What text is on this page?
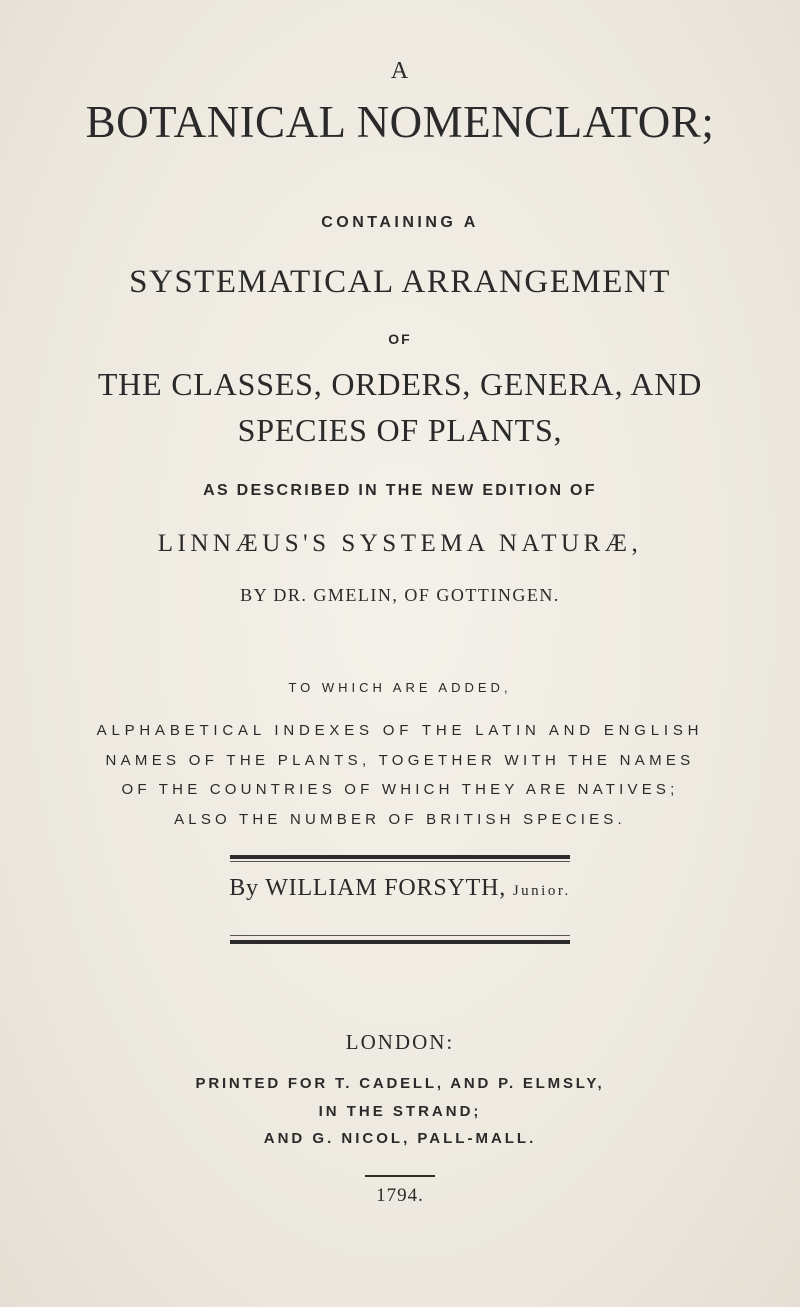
A

BOTANICAL NOMENCLATOR;

CONTAINING A

SYSTEMATICAL ARRANGEMENT

OF

THE CLASSES, ORDERS, GENERA, AND

SPECIES OF PLANTS,

AS DESCRIBED IN THE NEW EDITION OF

LINNÆUS'S SYSTEMA NATURÆ,

BY DR. GMELIN, OF GOTTINGEN.

TO WHICH ARE ADDED,

ALPHABETICAL INDEXES OF THE LATIN AND ENGLISH

NAMES OF THE PLANTS, TOGETHER WITH THE NAMES

OF THE COUNTRIES OF WHICH THEY ARE NATIVES;

ALSO THE NUMBER OF BRITISH SPECIES.

By WILLIAM FORSYTH, Junior.

LONDON:

PRINTED FOR T. CADELL, AND P. ELMSLY,

IN THE STRAND;

AND G. NICOL, PALL-MALL.

1794.
